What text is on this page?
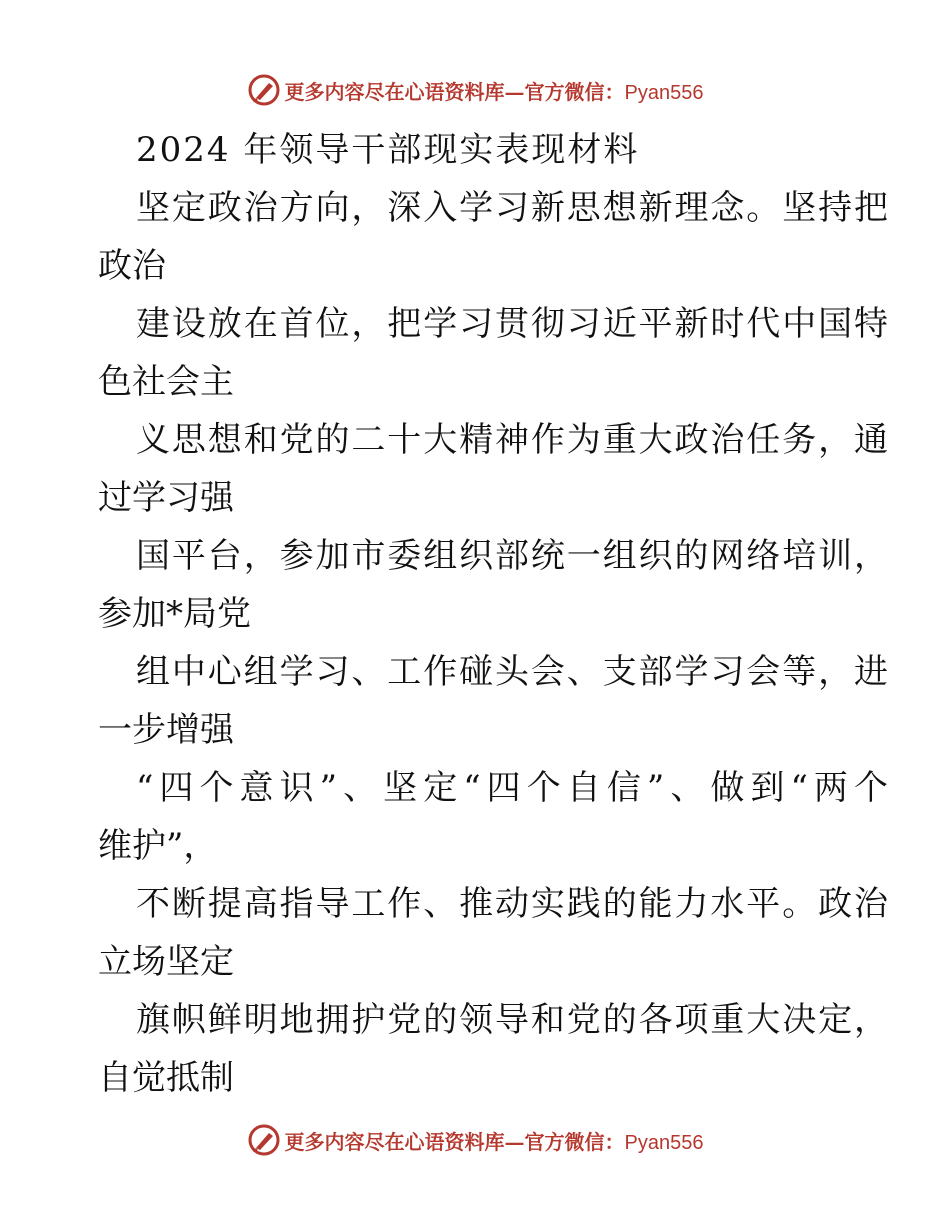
更多内容尽在心语资料库—官方微信：Pyan556
2024 年领导干部现实表现材料
坚定政治方向，深入学习新思想新理念。坚持把
政治
建设放在首位，把学习贯彻习近平新时代中国特
色社会主
义思想和党的二十大精神作为重大政治任务，通
过学习强
国平台，参加市委组织部统一组织的网络培训，
参加*局党
组中心组学习、工作碰头会、支部学习会等，进
一步增强
“四个意识”、坚定“四个自信”、做到“两个
维护”，
不断提高指导工作、推动实践的能力水平。政治
立场坚定
旗帜鲜明地拥护党的领导和党的各项重大决定，
自觉抵制
更多内容尽在心语资料库—官方微信：Pyan556
